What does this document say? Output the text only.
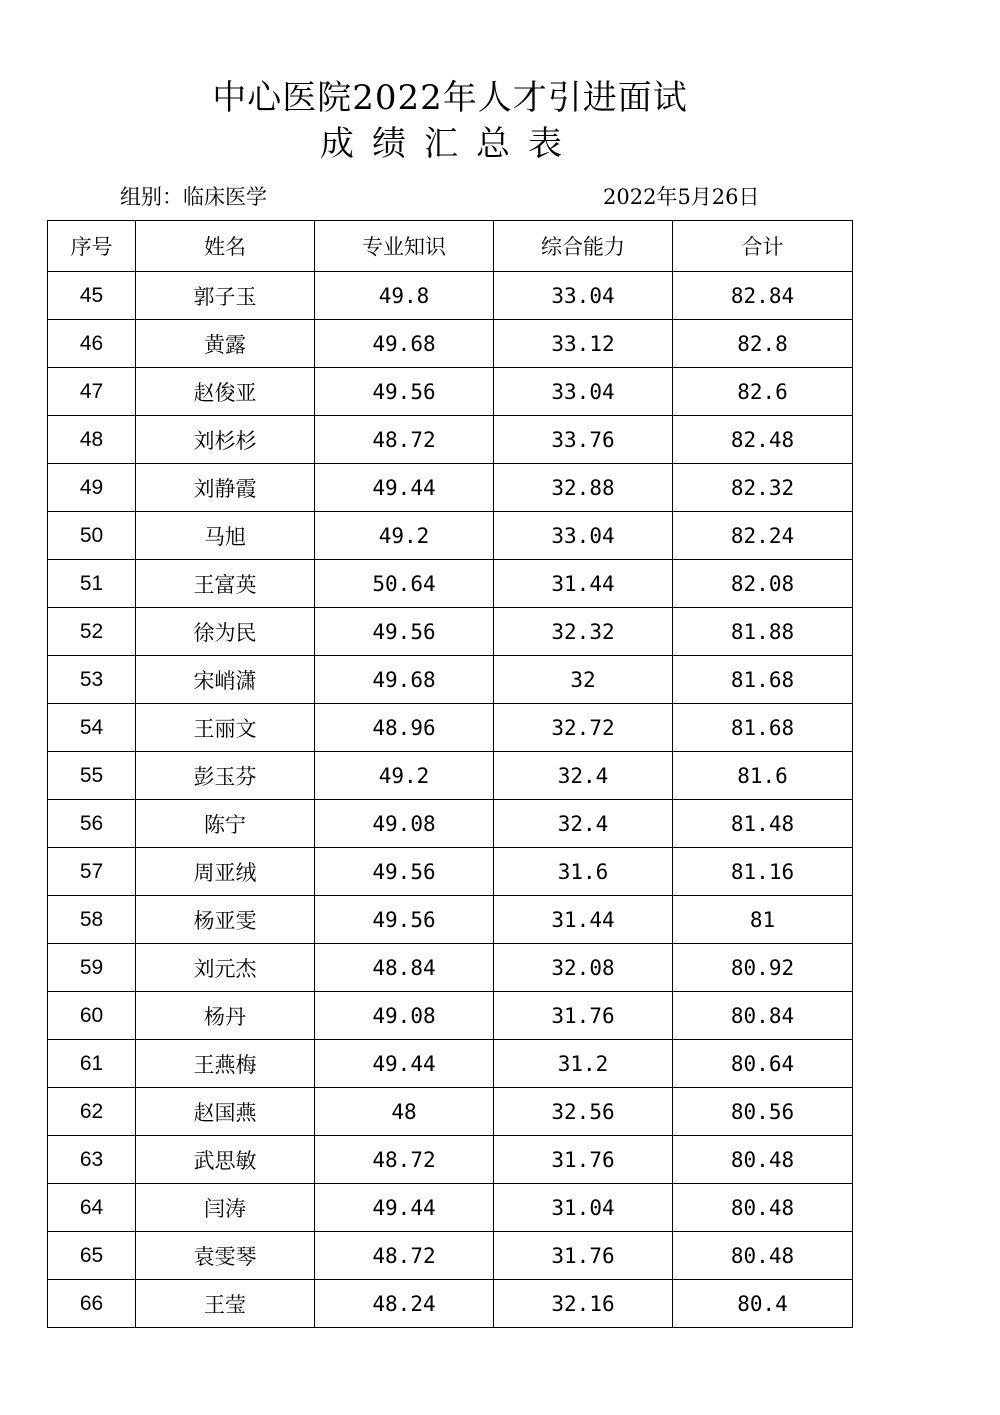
中心医院2022年人才引进面试
成绩汇总表
组别：临床医学	2022年5月26日
序号	姓名	专业知识	综合能力	合计
45	郭子玉	49.8	33.04	82.84
46	黄露	49.68	33.12	82.8
47	赵俊亚	49.56	33.04	82.6
48	刘杉杉	48.72	33.76	82.48
49	刘静霞	49.44	32.88	82.32
50	马旭	49.2	33.04	82.24
51	王富英	50.64	31.44	82.08
52	徐为民	49.56	32.32	81.88
53	宋峭潇	49.68	32	81.68
54	王丽文	48.96	32.72	81.68
55	彭玉芬	49.2	32.4	81.6
56	陈宁	49.08	32.4	81.48
57	周亚绒	49.56	31.6	81.16
58	杨亚雯	49.56	31.44	81
59	刘元杰	48.84	32.08	80.92
60	杨丹	49.08	31.76	80.84
61	王燕梅	49.44	31.2	80.64
62	赵国燕	48	32.56	80.56
63	武思敏	48.72	31.76	80.48
64	闫涛	49.44	31.04	80.48
65	袁雯琴	48.72	31.76	80.48
66	王莹	48.24	32.16	80.4
